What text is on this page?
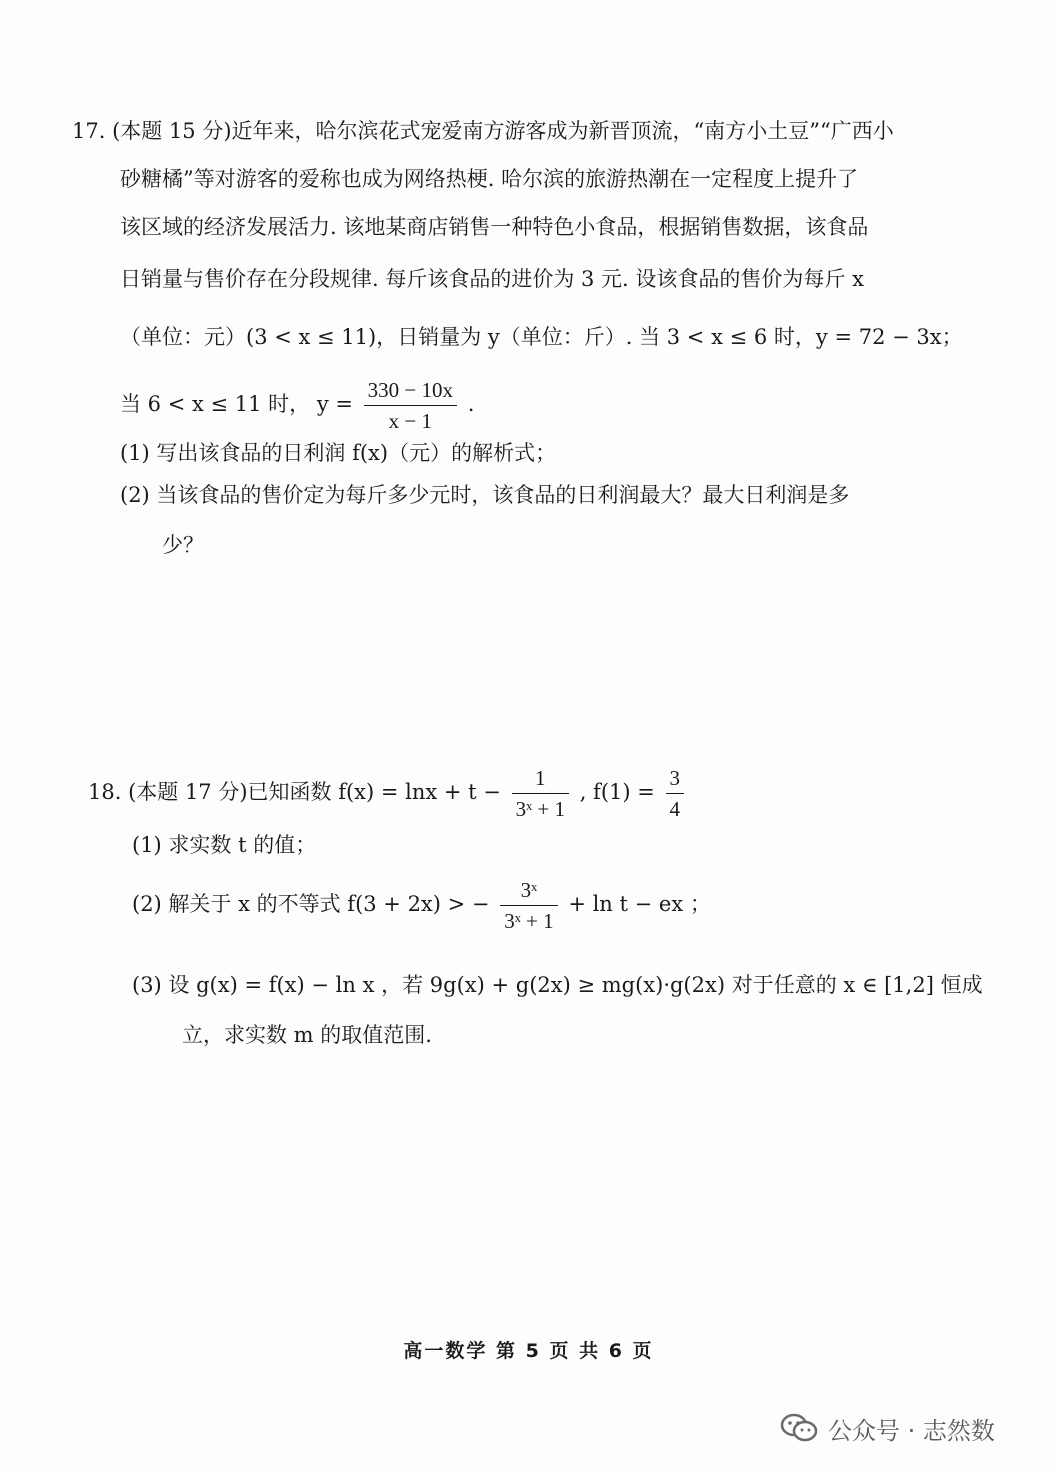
17. (本题 15 分)近年来，哈尔滨花式宠爱南方游客成为新晋顶流，“南方小土豆”“广西小
砂糖橘”等对游客的爱称也成为网络热梗. 哈尔滨的旅游热潮在一定程度上提升了
该区域的经济发展活力. 该地某商店销售一种特色小食品，根据销售数据，该食品
日销量与售价存在分段规律. 每斤该食品的进价为 3 元. 设该食品的售价为每斤 x
（单位：元）(3 < x ≤ 11)，日销量为 y（单位：斤）. 当 3 < x ≤ 6 时，y = 72 − 3x；
当 6 < x ≤ 11 时， $y = \frac{330 - 10x}{x - 1}$ .
(1) 写出该食品的日利润 f(x)（元）的解析式；
(2) 当该食品的售价定为每斤多少元时，该食品的日利润最大？最大日利润是多
少？
18. (本题 17 分)已知函数 $f(x) = \ln x + t - \frac{1}{\text{3ˣ + 1}}$ , $f(1) = \frac{3}{4}$
(1) 求实数 t 的值；
(2) 解关于 x 的不等式 f(3 + 2x) > − $\frac{\text{3ˣ}}{\text{3ˣ + 1}} + \ln t$ − ex ；
(3) 设 g(x) = f(x) − ln x ，若 9g(x) + g(2x) ≥ mg(x)·g(2x) 对于任意的 x ∈ [1,2] 恒成
立，求实数 m 的取值范围.
高一数学 第 5 页 共 6 页
公众号 · 志然数
